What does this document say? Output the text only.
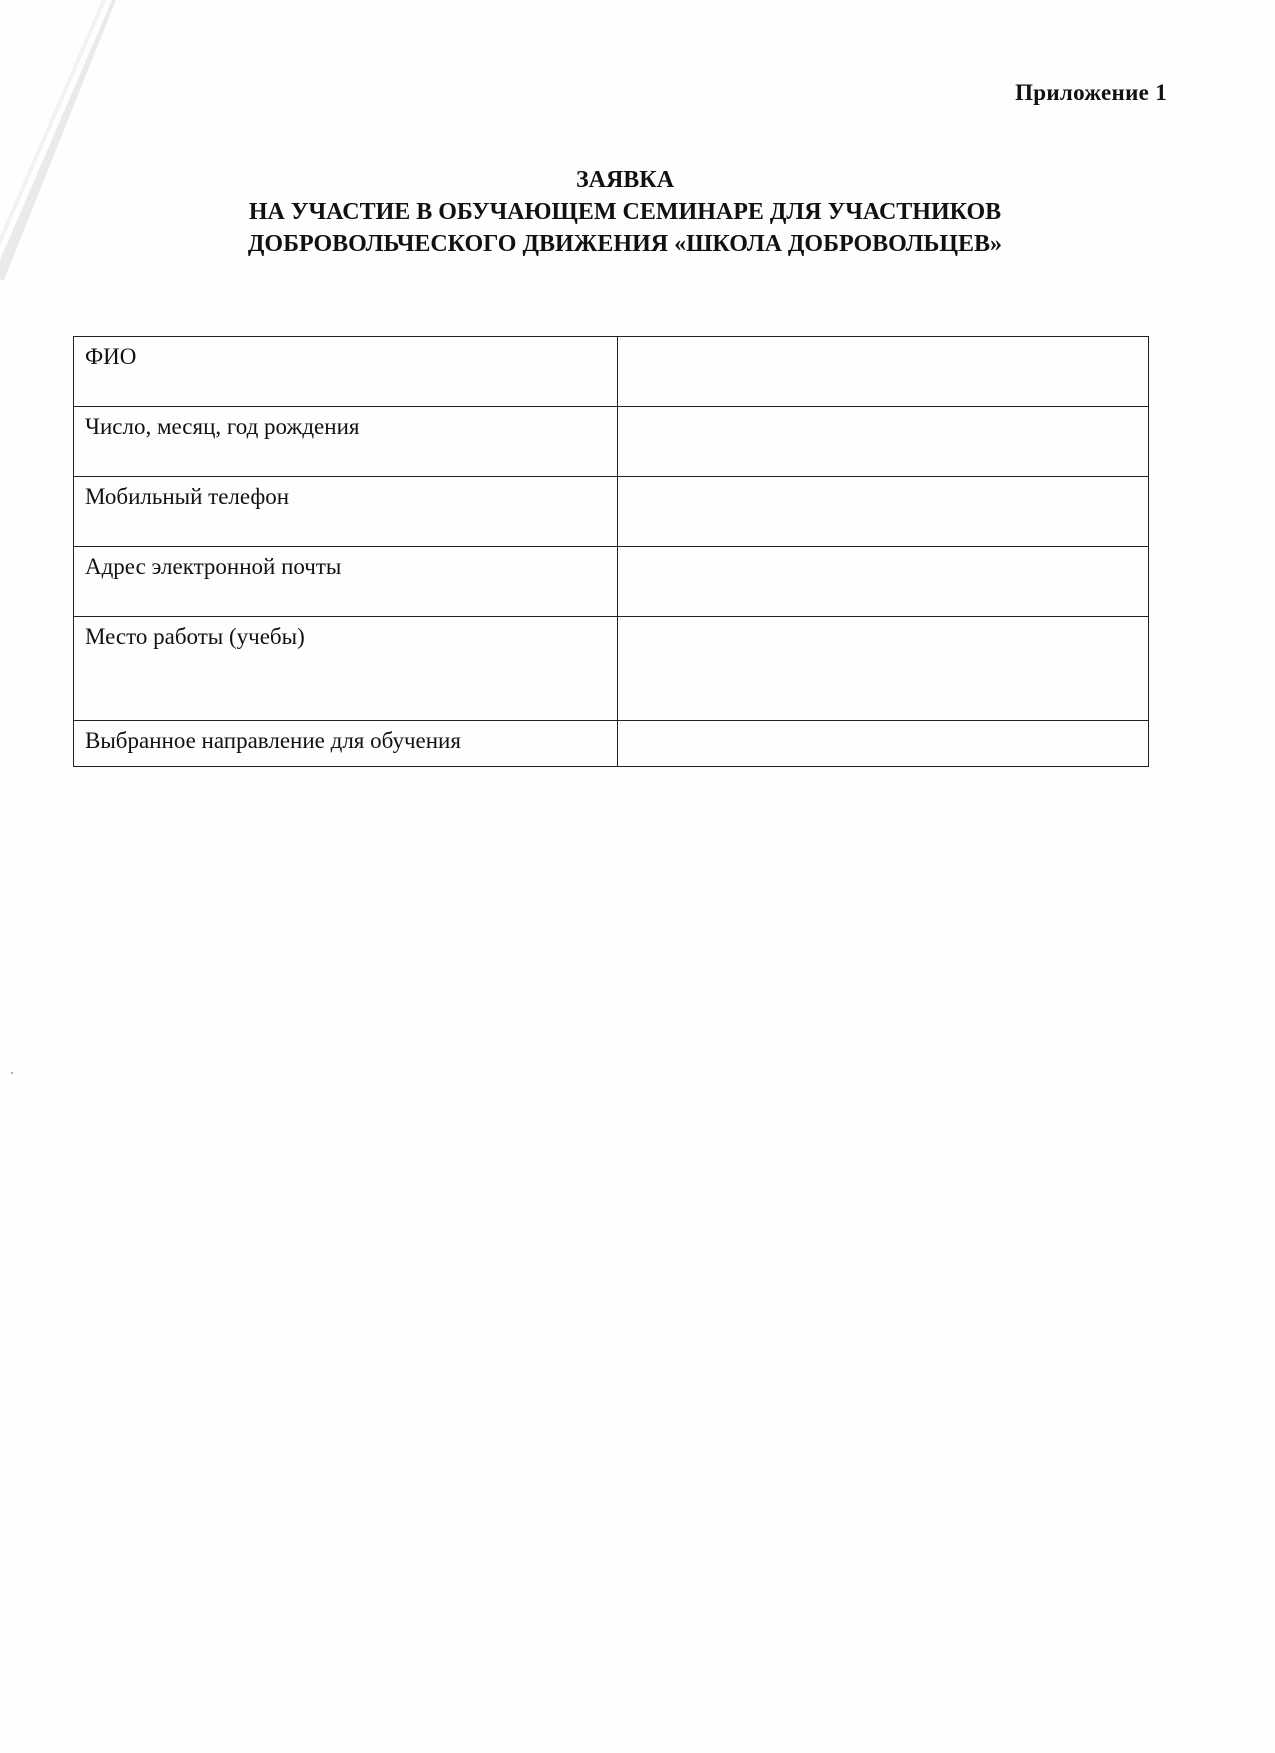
Приложение 1
ЗАЯВКА
НА УЧАСТИЕ В ОБУЧАЮЩЕМ СЕМИНАРЕ ДЛЯ УЧАСТНИКОВ
ДОБРОВОЛЬЧЕСКОГО ДВИЖЕНИЯ «ШКОЛА ДОБРОВОЛЬЦЕВ»
ФИО	
Число, месяц, год рождения	
Мобильный телефон	
Адрес электронной почты	
Место работы (учебы)	
Выбранное направление для обучения	
